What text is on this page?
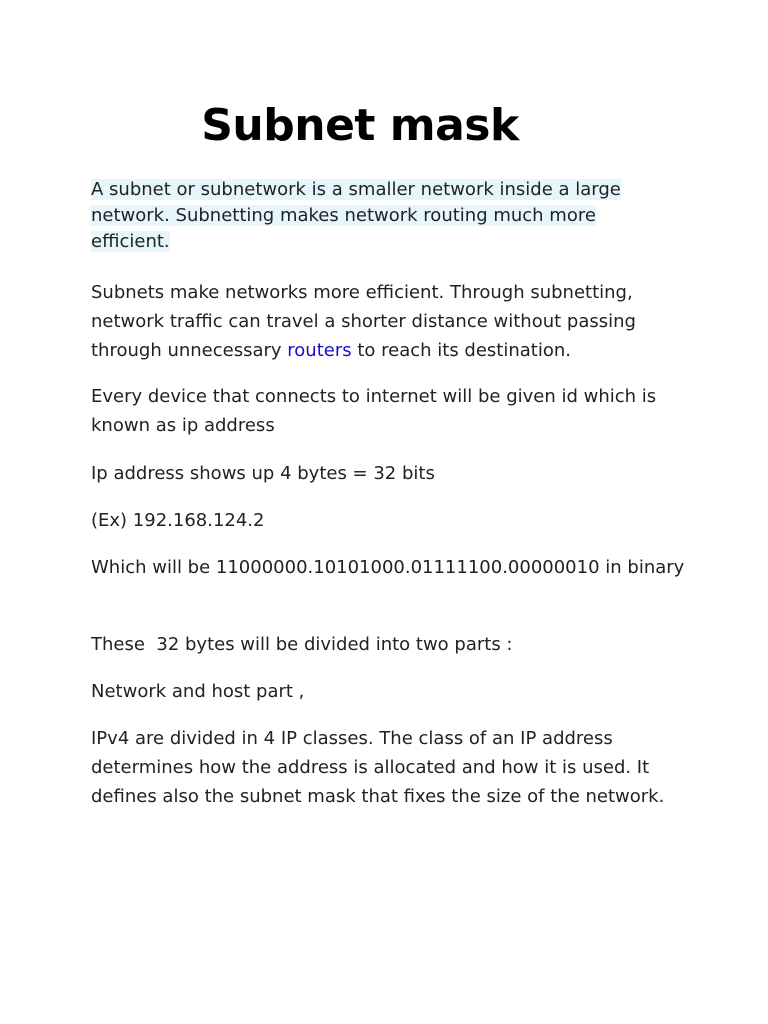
Subnet mask

A subnet or subnetwork is a smaller network inside a large network. Subnetting makes network routing much more efficient.

Subnets make networks more efficient. Through subnetting, network traffic can travel a shorter distance without passing through unnecessary routers to reach its destination.

Every device that connects to internet will be given id which is known as ip address

Ip address shows up 4 bytes = 32 bits

(Ex) 192.168.124.2

Which will be 11000000.10101000.01111100.00000010 in binary

These  32 bytes will be divided into two parts :

Network and host part ,

IPv4 are divided in 4 IP classes. The class of an IP address determines how the address is allocated and how it is used. It defines also the subnet mask that fixes the size of the network.
